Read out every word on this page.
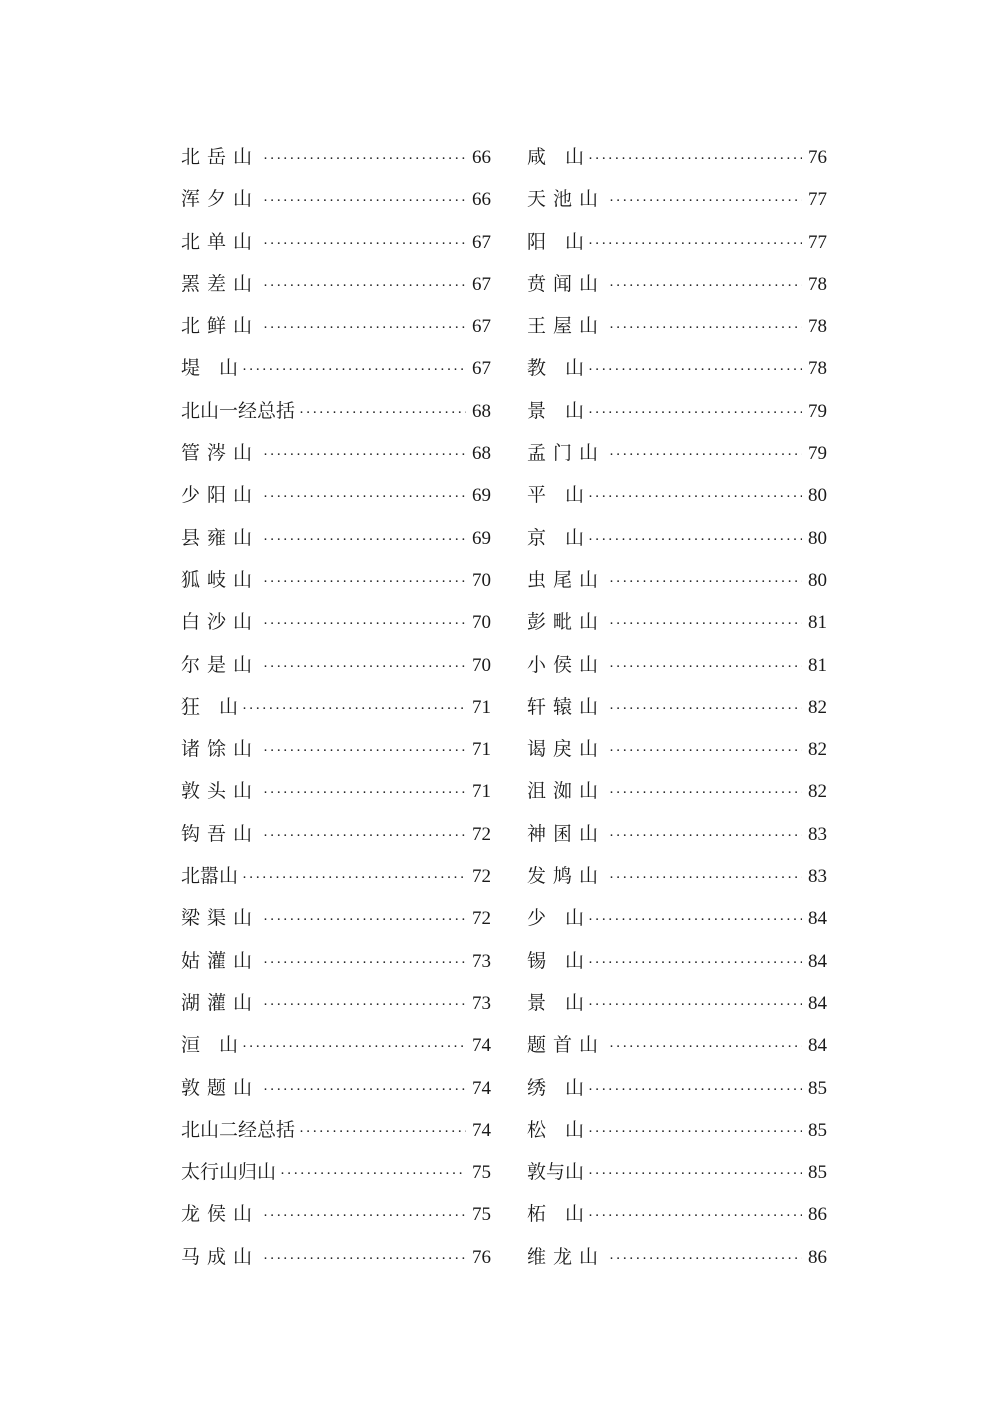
北岳山 ·····	66
浑夕山 ·····	66
北单山 ·····	67
罴差山 ·····	67
北鲜山 ·····	67
堤　山 ·····	67
北山一经总括 ·····	68
管涔山 ·····	68
少阳山 ·····	69
县雍山 ·····	69
狐岐山 ·····	70
白沙山 ·····	70
尔是山 ·····	70
狂　山 ·····	71
诸馀山 ·····	71
敦头山 ·····	71
钩吾山 ·····	72
北嚣山 ·····	72
梁渠山 ·····	72
姑灌山 ·····	73
湖灌山 ·····	73
洹　山 ·····	74
敦题山 ·····	74
北山二经总括 ·····	74
太行山归山 ·····	75
龙侯山 ·····	75
马成山 ·····	76
咸　山 ·····	76
天池山 ·····	77
阳　山 ·····	77
贲闻山 ·····	78
王屋山 ·····	78
教　山 ·····	78
景　山 ·····	79
孟门山 ·····	79
平　山 ·····	80
京　山 ·····	80
虫尾山 ·····	80
彭毗山 ·····	81
小侯山 ·····	81
轩辕山 ·····	82
谒戾山 ·····	82
沮洳山 ·····	82
神囷山 ·····	83
发鸠山 ·····	83
少　山 ·····	84
锡　山 ·····	84
景　山 ·····	84
题首山 ·····	84
绣　山 ·····	85
松　山 ·····	85
敦与山 ·····	85
柘　山 ·····	86
维龙山 ·····	86
